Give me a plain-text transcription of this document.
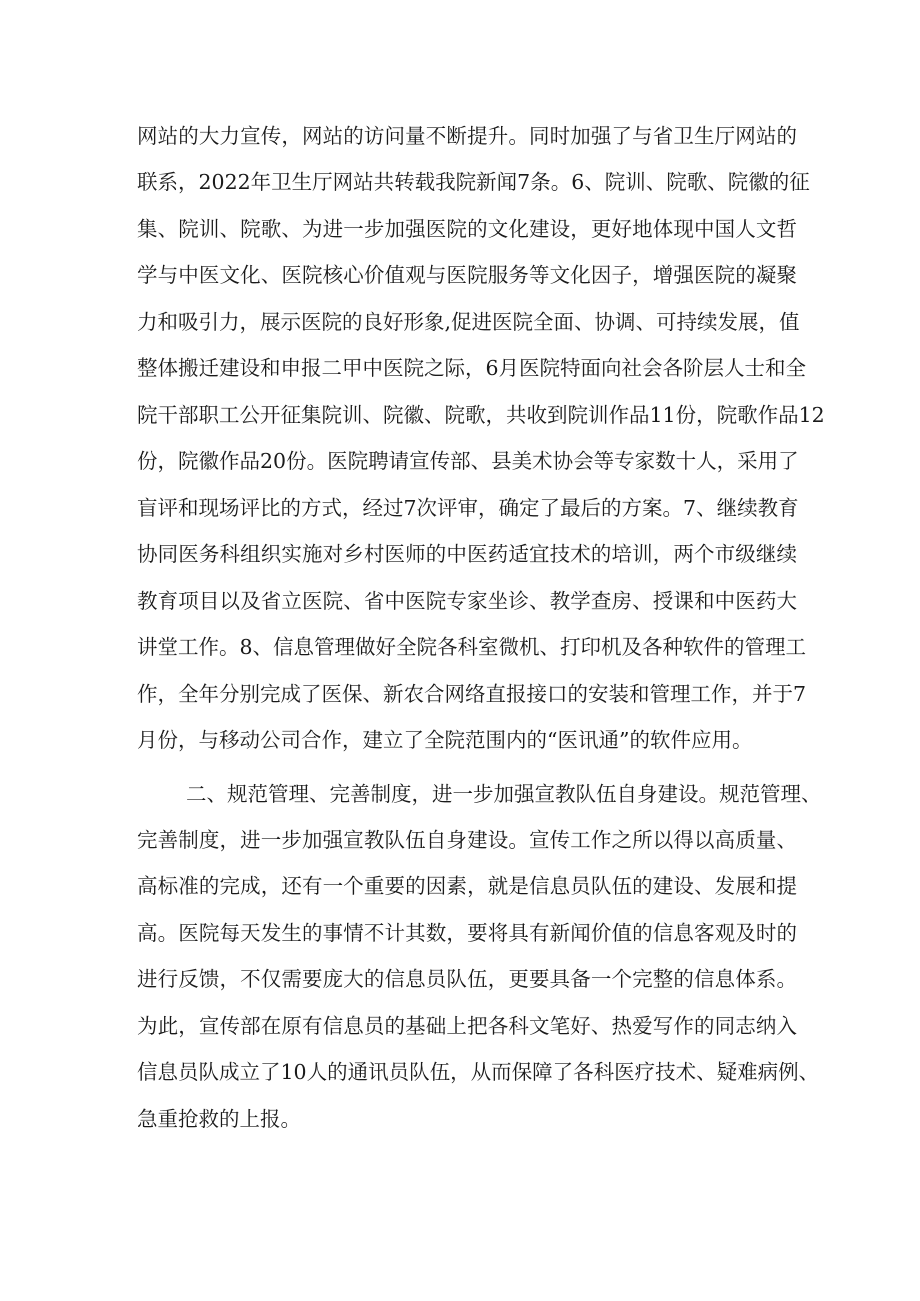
网站的大力宣传，网站的访问量不断提升。同时加强了与省卫生厅网站的
联系，2022年卫生厅网站共转载我院新闻7条。6、院训、院歌、院徽的征
集、院训、院歌、为进一步加强医院的文化建设，更好地体现中国人文哲
学与中医文化、医院核心价值观与医院服务等文化因子，增强医院的凝聚
力和吸引力，展示医院的良好形象,促进医院全面、协调、可持续发展，值
整体搬迁建设和申报二甲中医院之际，6月医院特面向社会各阶层人士和全
院干部职工公开征集院训、院徽、院歌，共收到院训作品11份，院歌作品12
份，院徽作品20份。医院聘请宣传部、县美术协会等专家数十人，采用了
盲评和现场评比的方式，经过7次评审，确定了最后的方案。7、继续教育
协同医务科组织实施对乡村医师的中医药适宜技术的培训，两个市级继续
教育项目以及省立医院、省中医院专家坐诊、教学查房、授课和中医药大
讲堂工作。8、信息管理做好全院各科室微机、打印机及各种软件的管理工
作，全年分别完成了医保、新农合网络直报接口的安装和管理工作，并于7
月份，与移动公司合作，建立了全院范围内的“医讯通”的软件应用。
二、规范管理、完善制度，进一步加强宣教队伍自身建设。规范管理、
完善制度，进一步加强宣教队伍自身建设。宣传工作之所以得以高质量、
高标准的完成，还有一个重要的因素，就是信息员队伍的建设、发展和提
高。医院每天发生的事情不计其数，要将具有新闻价值的信息客观及时的
进行反馈，不仅需要庞大的信息员队伍，更要具备一个完整的信息体系。
为此，宣传部在原有信息员的基础上把各科文笔好、热爱写作的同志纳入
信息员队成立了10人的通讯员队伍，从而保障了各科医疗技术、疑难病例、
急重抢救的上报。
